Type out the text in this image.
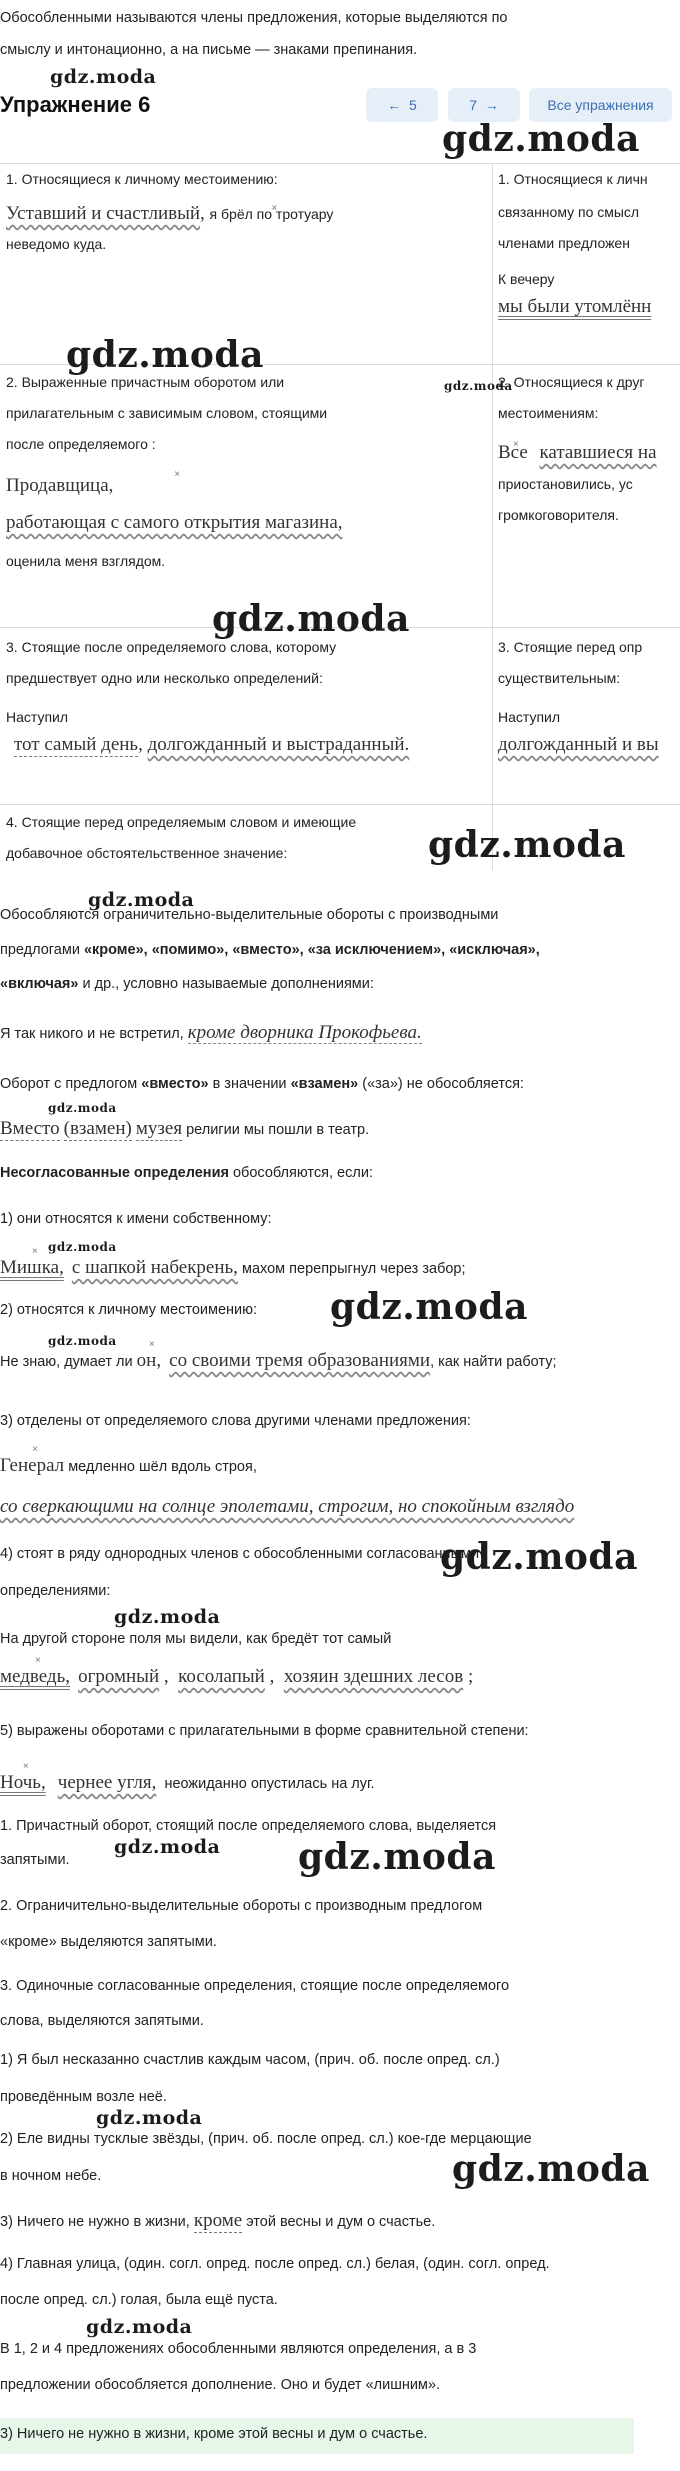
Обособленными называются члены предложения, которые выделяются по
смыслу и интонационно, а на письме — знаками препинания.
gdz.moda
Упражнение 6	← 5	7 →	Все упражнения
gdz.moda
1. Относящиеся к личному местоимению:
Уставший и счастливый, × я брёл по тротуару
неведомо куда.
1. Относящиеся к личн
связанному по смысл
членами предложен
К вечеру
мы были утомлённ
gdz.moda
2. Выраженные причастным оборотом или
прилагательным с зависимым словом, стоящими
после определяемого :
× Продавщица,
работающая с самого открытия магазина,
оценила меня взглядом.
gdz.moda
2. Относящиеся к друг
местоимениям:
× Все катавшиеся на
приостановились, ус
громкоговорителя.
gdz.moda
3. Стоящие после определяемого слова, которому
предшествует одно или несколько определений:
Наступил
тот самый день, долгожданный и выстраданный.
3. Стоящие перед опр
существительным:
Наступил
долгожданный и вы
4. Стоящие перед определяемым словом и имеющие
добавочное обстоятельственное значение:	gdz.moda
gdz.moda
Обособляются ограничительно-выделительные обороты с производными
предлогами «кроме», «помимо», «вместо», «за исключением», «исключая»,
«включая» и др., условно называемые дополнениями:
Я так никого и не встретил, кроме дворника Прокофьева.
Оборот с предлогом «вместо» в значении «взамен» («за») не обособляется:
gdz.moda
Вместо (взамен) музея религии мы пошли в театр.
Несогласованные определения обособляются, если:
1) они относятся к имени собственному:
gdz.moda
× Мишка, с шапкой набекрень, махом перепрыгнул через забор;
2) относятся к личному местоимению: gdz.moda
gdz.moda
Не знаю, думает ли × он, со своими тремя образованиями, как найти работу;
3) отделены от определяемого слова другими членами предложения:
× Генерал медленно шёл вдоль строя,
со сверкающими на солнце эполетами, строгим, но спокойным взглядо
4) стоят в ряду однородных членов с обособленными согласованными
gdz.moda
определениями:
gdz.moda
На другой стороне поля мы видели, как бредёт тот самый
× медведь, огромный ,  косолапый ,  хозяин здешних лесов ;
5) выражены оборотами с прилагательными в форме сравнительной степени:
× Ночь, чернее угля, неожиданно опустилась на луг.
1. Причастный оборот, стоящий после определяемого слова, выделяется
запятыми.
gdz.moda gdz.moda
2. Ограничительно-выделительные обороты с производным предлогом
«кроме» выделяются запятыми.
3. Одиночные согласованные определения, стоящие после определяемого
слова, выделяются запятыми.
1) Я был несказанно счастлив каждым часом, (прич. об. после опред. сл.)
проведённым возле неё.
gdz.moda
2) Еле видны тусклые звёзды, (прич. об. после опред. сл.) кое-где мерцающие
в ночном небе.	gdz.moda
3) Ничего не нужно в жизни, кроме этой весны и дум о счастье.
4) Главная улица, (один. согл. опред. после опред. сл.) белая, (один. согл. опред.
после опред. сл.) голая, была ещё пуста.
gdz.moda
В 1, 2 и 4 предложениях обособленными являются определения, а в 3
предложении обособляется дополнение. Оно и будет «лишним».
3) Ничего не нужно в жизни, кроме этой весны и дум о счастье.
